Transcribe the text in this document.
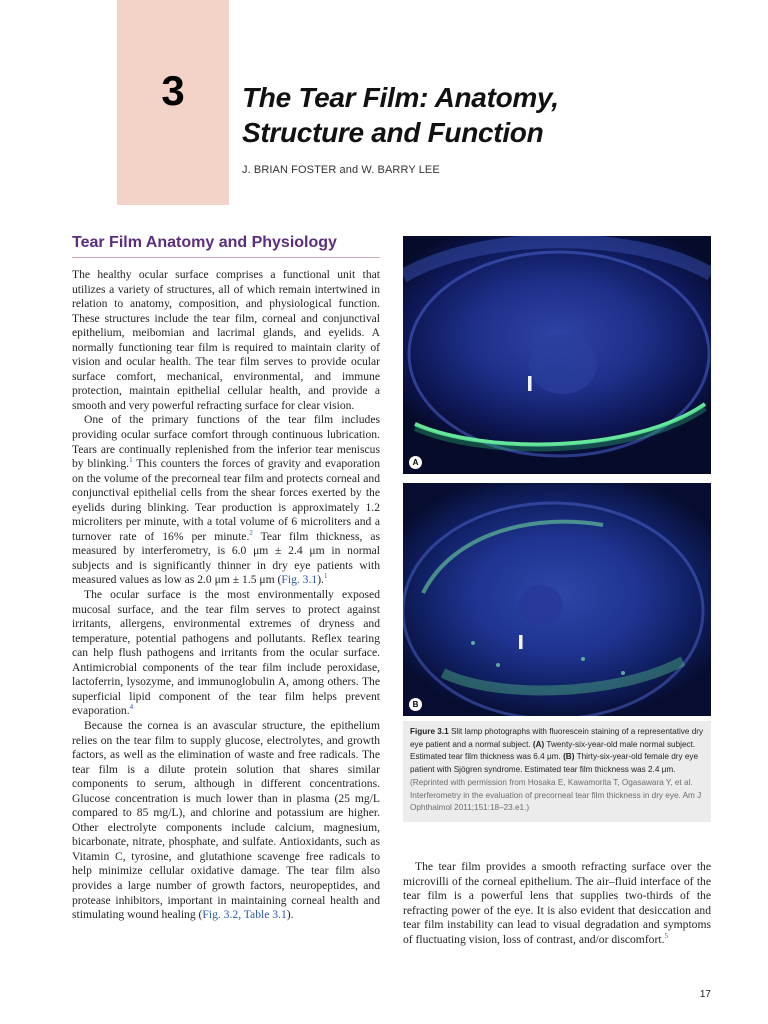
3	The Tear Film: Anatomy,
Structure and Function
J. BRIAN FOSTER and W. BARRY LEE
Tear Film Anatomy and Physiology

The healthy ocular surface comprises a functional unit that utilizes a variety of structures, all of which remain intertwined in relation to anatomy, composition, and physiological function. These structures include the tear film, corneal and conjunctival epithelium, meibomian and lacrimal glands, and eyelids. A normally functioning tear film is required to maintain clarity of vision and ocular health. The tear film serves to provide ocular surface comfort, mechanical, environmental, and immune protection, maintain epithelial cellular health, and provide a smooth and very powerful refracting surface for clear vision.

One of the primary functions of the tear film includes providing ocular surface comfort through continuous lubrication. Tears are continually replenished from the inferior tear meniscus by blinking.$^1$ This counters the forces of gravity and evaporation on the volume of the precorneal tear film and protects corneal and conjunctival epithelial cells from the shear forces exerted by the eyelids during blinking. Tear production is approximately 1.2 microliters per minute, with a total volume of 6 microliters and a turnover rate of 16% per minute.$^2$ Tear film thickness, as measured by interferometry, is 6.0 μm ± 2.4 μm in normal subjects and is significantly thinner in dry eye patients with measured values as low as 2.0 μm ± 1.5 μm (Fig. 3.1).$^1$

The ocular surface is the most environmentally exposed mucosal surface, and the tear film serves to protect against irritants, allergens, environmental extremes of dryness and temperature, potential pathogens and pollutants. Reflex tearing can help flush pathogens and irritants from the ocular surface. Antimicrobial components of the tear film include peroxidase, lactoferrin, lysozyme, and immunoglobulin A, among others. The superficial lipid component of the tear film helps prevent evaporation.$^4$

Because the cornea is an avascular structure, the epithelium relies on the tear film to supply glucose, electrolytes, and growth factors, as well as the elimination of waste and free radicals. The tear film is a dilute protein solution that shares similar components to serum, although in different concentrations. Glucose concentration is much lower than in plasma (25 mg/L compared to 85 mg/L), and chlorine and potassium are higher. Other electrolyte components include calcium, magnesium, bicarbonate, nitrate, phosphate, and sulfate. Antioxidants, such as Vitamin C, tyrosine, and glutathione scavenge free radicals to help minimize cellular oxidative damage. The tear film also provides a large number of growth factors, neuropeptides, and protease inhibitors, important in maintaining corneal health and stimulating wound healing (Fig. 3.2, Table 3.1).

A
B
Figure 3.1 Slit lamp photographs with fluorescein staining of a representative dry eye patient and a normal subject. (A) Twenty-six-year-old male normal subject. Estimated tear film thickness was 6.4 μm. (B) Thirty-six-year-old female dry eye patient with Sjögren syndrome. Estimated tear film thickness was 2.4 μm. (Reprinted with permission from Hosaka E, Kawamorita T, Ogasawara Y, et al. Interferometry in the evaluation of precorneal tear film thickness in dry eye. Am J Ophthalmol 2011;151:18–23.e1.)

The tear film provides a smooth refracting surface over the microvilli of the corneal epithelium. The air–fluid interface of the tear film is a powerful lens that supplies two-thirds of the refracting power of the eye. It is also evident that desiccation and tear film instability can lead to visual degradation and symptoms of fluctuating vision, loss of contrast, and/or discomfort.$^5$

17
